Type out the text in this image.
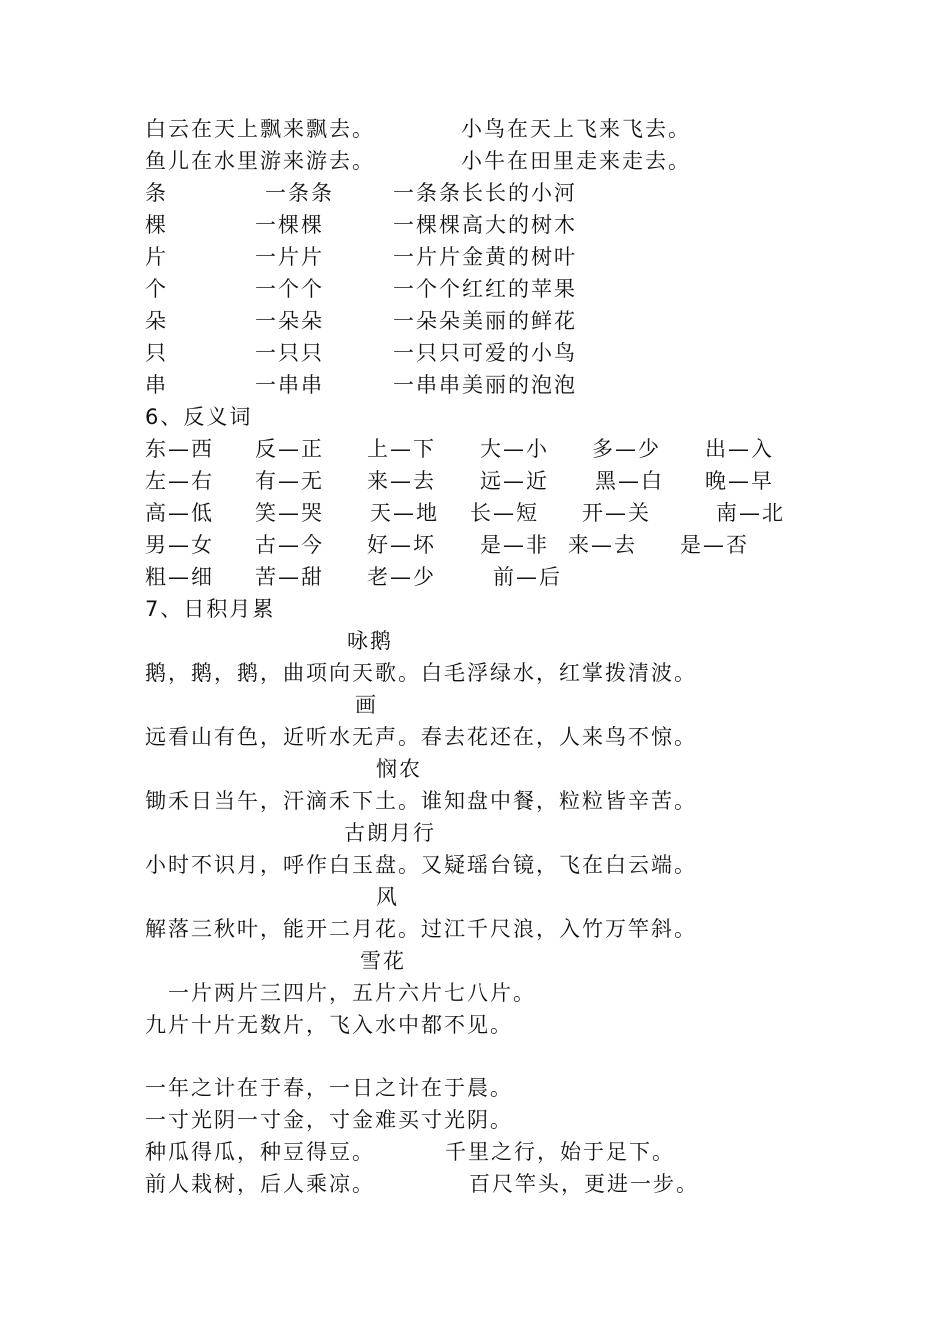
白云在天上飘来飘去。	小鸟在天上飞来飞去。
鱼儿在水里游来游去。	小牛在田里走来走去。
条	一条条	一条条长长的小河
棵	一棵棵	一棵棵高大的树木
片	一片片	一片片金黄的树叶
个	一个个	一个个红红的苹果
朵	一朵朵	一朵朵美丽的鲜花
只	一只只	一只只可爱的小鸟
串	一串串	一串串美丽的泡泡
6、反义词
东—西 反—正 上—下 大—小 多—少 出—入
左—右 有—无 来—去 远—近 黑—白 晚—早
高—低 笑—哭 天—地 长—短 开—关	南—北
男—女 古—今 好—坏 是—非 来—去 是—否
粗—细 苦—甜 老—少	前—后
7、日积月累
咏鹅
鹅，鹅，鹅，曲项向天歌。白毛浮绿水，红掌拨清波。
画
远看山有色，近听水无声。春去花还在，人来鸟不惊。
悯农
锄禾日当午，汗滴禾下土。谁知盘中餐，粒粒皆辛苦。
古朗月行
小时不识月，呼作白玉盘。又疑瑶台镜，飞在白云端。
风
解落三秋叶，能开二月花。过江千尺浪，入竹万竿斜。
雪花
一片两片三四片，五片六片七八片。
九片十片无数片，飞入水中都不见。
一年之计在于春，一日之计在于晨。
一寸光阴一寸金，寸金难买寸光阴。
种瓜得瓜，种豆得豆。	千里之行，始于足下。
前人栽树，后人乘凉。	百尺竿头，更进一步。
